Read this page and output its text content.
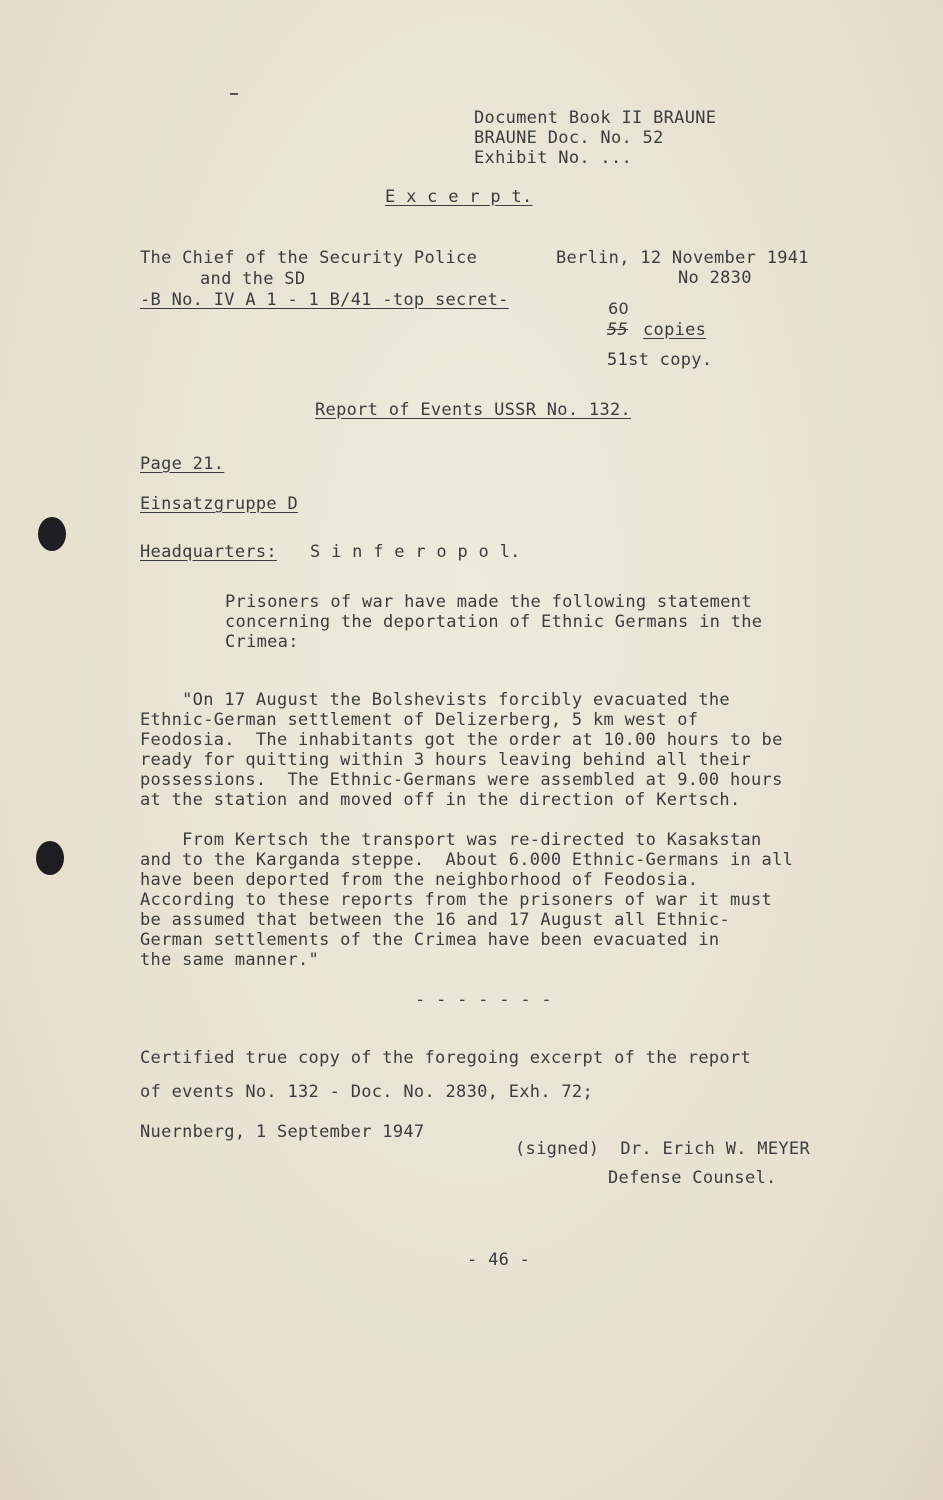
Document Book II BRAUNE
BRAUNE Doc. No. 52
Exhibit No. ...
E x c e r p t.
The Chief of the Security Police
and the SD
-B No. IV A 1 - 1 B/41 -top secret-
Berlin, 12 November 1941
No 2830
60
55 copies
51st copy.
Report of Events USSR No. 132.
Page 21.
Einsatzgruppe D
Headquarters: S i n f e r o p o l.
Prisoners of war have made the following statement
concerning the deportation of Ethnic Germans in the
Crimea:
"On 17 August the Bolshevists forcibly evacuated the
Ethnic-German settlement of Delizerberg, 5 km west of
Feodosia.  The inhabitants got the order at 10.00 hours to be
ready for quitting within 3 hours leaving behind all their
possessions.  The Ethnic-Germans were assembled at 9.00 hours
at the station and moved off in the direction of Kertsch.
From Kertsch the transport was re-directed to Kasakstan
and to the Karganda steppe.  About 6.000 Ethnic-Germans in all
have been deported from the neighborhood of Feodosia.
According to these reports from the prisoners of war it must
be assumed that between the 16 and 17 August all Ethnic-
German settlements of the Crimea have been evacuated in
the same manner."
- - - - - - -
Certified true copy of the foregoing excerpt of the report
of events No. 132 - Doc. No. 2830, Exh. 72;
Nuernberg, 1 September 1947
(signed)  Dr. Erich W. MEYER
Defense Counsel.
- 46 -
